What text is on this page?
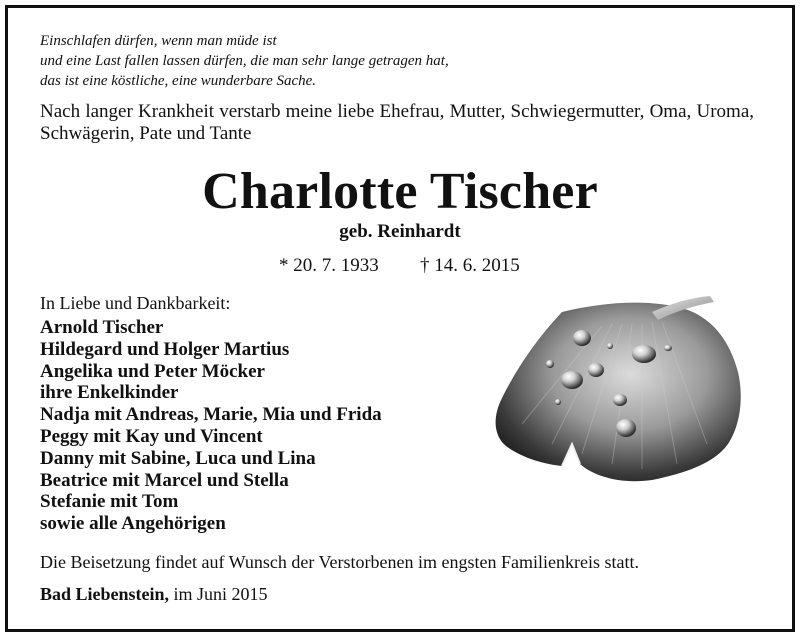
Einschlafen dürfen, wenn man müde ist
und eine Last fallen lassen dürfen, die man sehr lange getragen hat,
das ist eine köstliche, eine wunderbare Sache.
Nach langer Krankheit verstarb meine liebe Ehefrau, Mutter, Schwiegermutter, Oma, Uroma, Schwägerin, Pate und Tante
Charlotte Tischer
geb. Reinhardt
* 20. 7. 1933 † 14. 6. 2015
In Liebe und Dankbarkeit:
Arnold Tischer
Hildegard und Holger Martius
Angelika und Peter Möcker
ihre Enkelkinder
Nadja mit Andreas, Marie, Mia und Frida
Peggy mit Kay und Vincent
Danny mit Sabine, Luca und Lina
Beatrice mit Marcel und Stella
Stefanie mit Tom
sowie alle Angehörigen
Die Beisetzung findet auf Wunsch der Verstorbenen im engsten Familienkreis statt.
Bad Liebenstein, im Juni 2015
